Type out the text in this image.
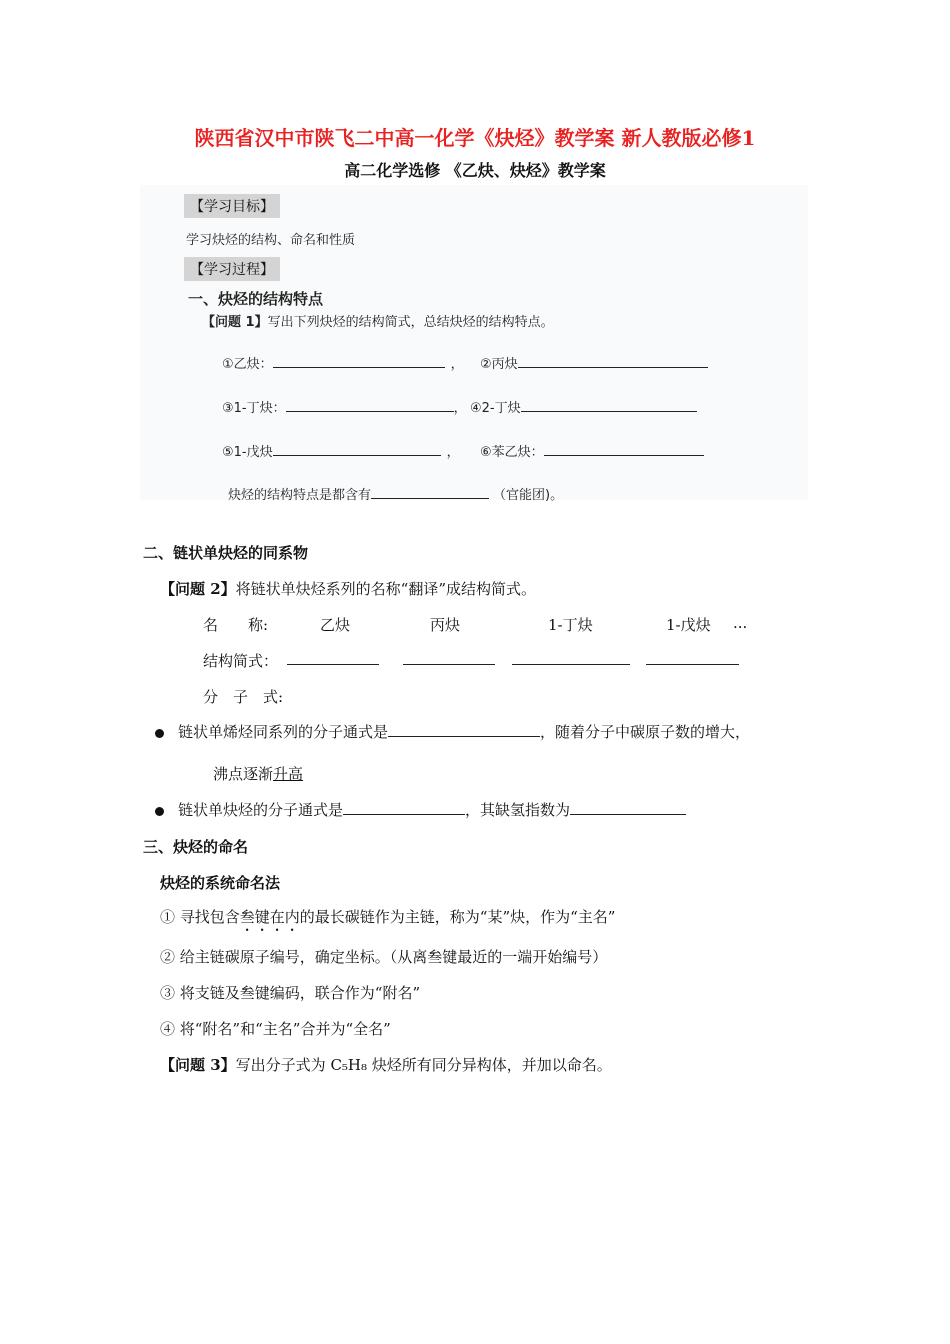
陕西省汉中市陕飞二中高一化学《炔烃》教学案 新人教版必修1
高二化学选修 《乙炔、炔烃》教学案
【学习目标】
学习炔烃的结构、命名和性质
【学习过程】
一、炔烃的结构特点
【问题 1】写出下列炔烃的结构简式，总结炔烃的结构特点。
①乙炔：	， ②丙炔
③1-丁炔：	， ④2-丁炔
⑤1-戊炔	， ⑥苯乙炔：
炔烃的结构特点是都含有	（官能团)。
二、链状单炔烃的同系物
【问题 2】将链状单炔烃系列的名称“翻译”成结构简式。
名　　称:	乙炔	丙炔	1-丁炔	1-戊炔 ...
结构简式：
分　子　式:
链状单烯烃同系列的分子通式是	，随着分子中碳原子数的增大，
沸点逐渐升高
链状单炔烃的分子通式是	，其缺氢指数为
三、炔烃的命名
炔烃的系统命名法
① 寻找包含叁键在内的最长碳链作为主链，称为“某”炔，作为“主名”
② 给主链碳原子编号，确定坐标。（从离叁键最近的一端开始编号）
③ 将支链及叁键编码，联合作为“附名”
④ 将“附名”和“主名”合并为“全名”
【问题 3】写出分子式为 C₅H₈ 炔烃所有同分异构体，并加以命名。
